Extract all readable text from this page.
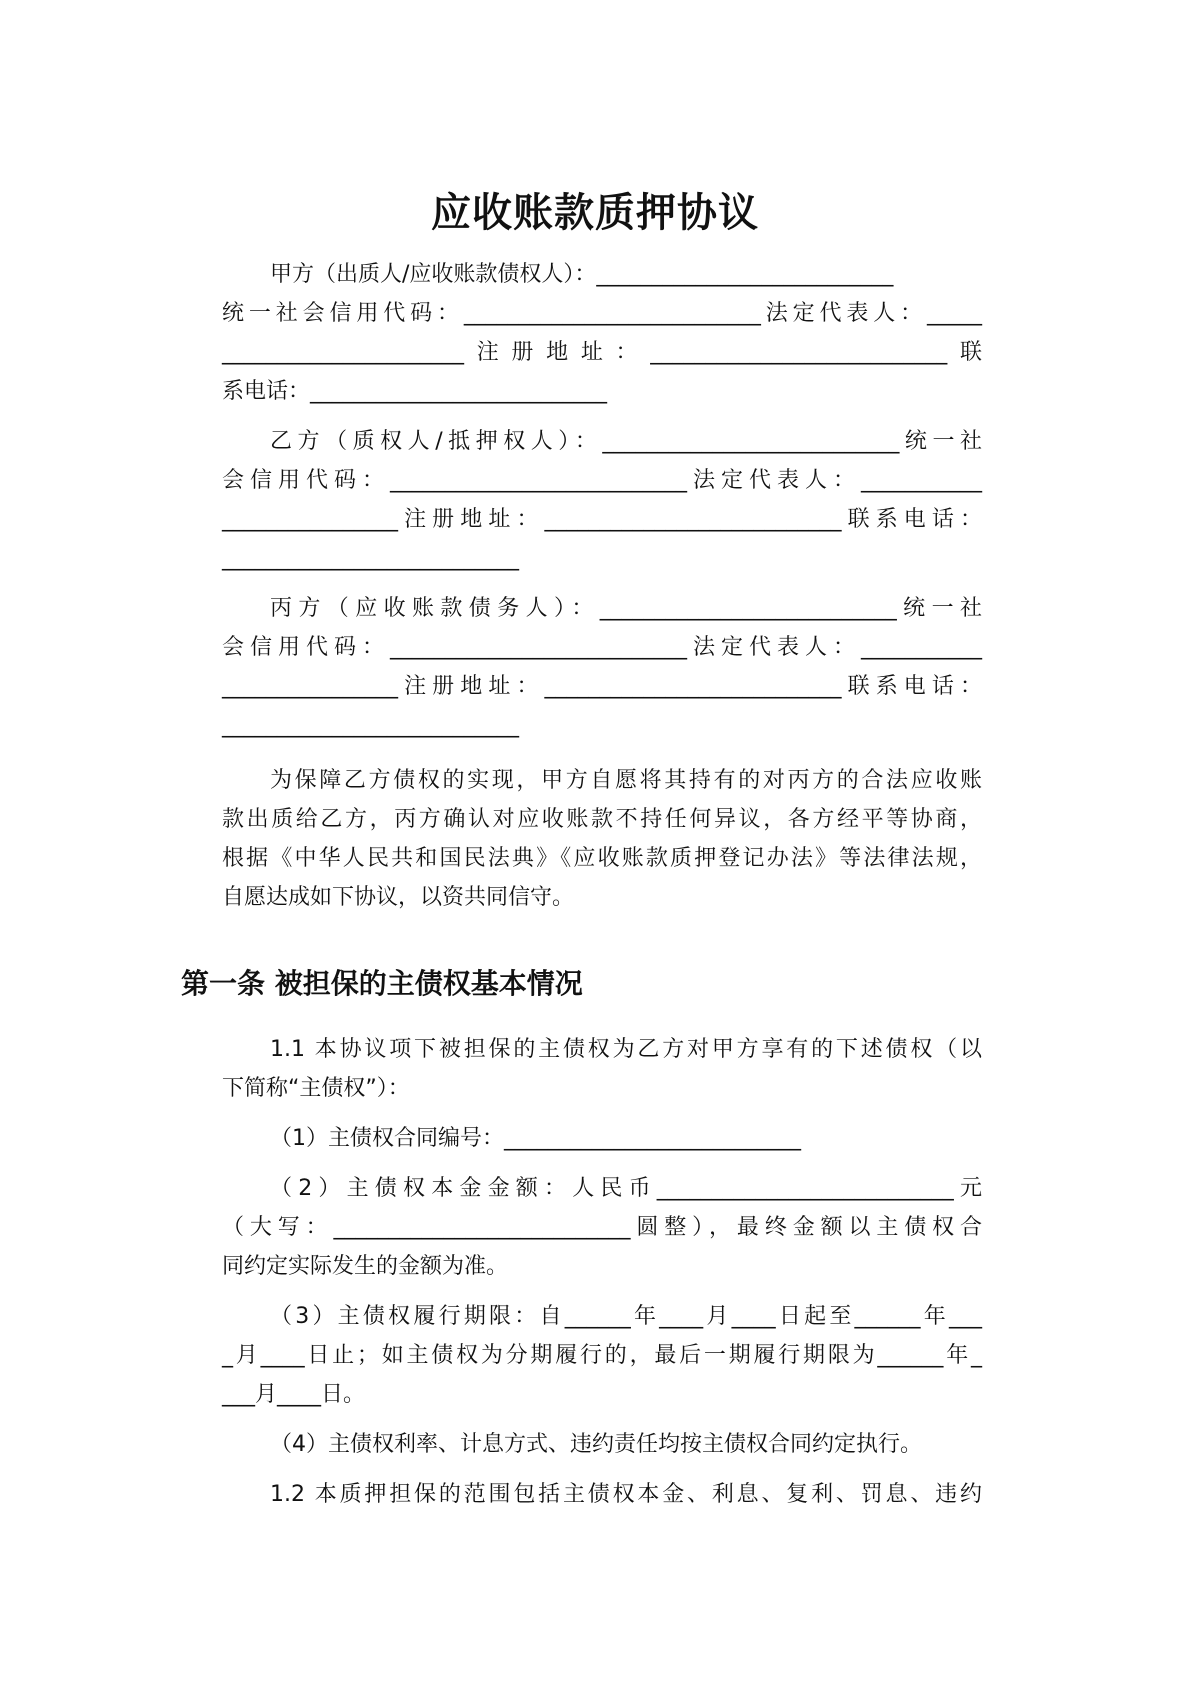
应收账款质押协议

甲方（出质人/应收账款债权人）：___________________________

统一社会信用代码：___________________________法定代表人：_____

______________________注册地址：___________________________联

系电话：___________________________

乙方（质权人/抵押权人）：___________________________统一社

会信用代码：___________________________法定代表人：___________

________________注册地址：___________________________联系电话：

___________________________

丙方（应收账款债务人）：___________________________统一社

会信用代码：___________________________法定代表人：___________

________________注册地址：___________________________联系电话：

___________________________

为保障乙方债权的实现，甲方自愿将其持有的对丙方的合法应收账

款出质给乙方，丙方确认对应收账款不持任何异议，各方经平等协商，

根据《中华人民共和国民法典》《应收账款质押登记办法》等法律法规，

自愿达成如下协议，以资共同信守。

第一条 被担保的主债权基本情况

1.1 本协议项下被担保的主债权为乙方对甲方享有的下述债权（以

下简称“主债权”）：

（1）主债权合同编号：___________________________

（2）主债权本金金额：人民币___________________________元

（大写：___________________________圆整），最终金额以主债权合

同约定实际发生的金额为准。

（3）主债权履行期限：自______年____月____日起至______年___

_月____日止；如主债权为分期履行的，最后一期履行期限为______年_

___月____日。

（4）主债权利率、计息方式、违约责任均按主债权合同约定执行。

1.2 本质押担保的范围包括主债权本金、利息、复利、罚息、违约
